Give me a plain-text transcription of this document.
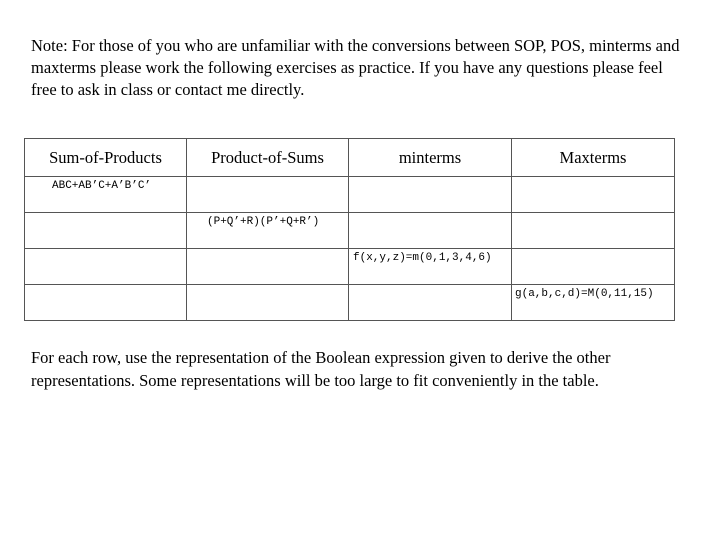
Note: For those of you who are unfamiliar with the conversions between SOP, POS, minterms and maxterms please work the following exercises as practice. If you have any questions please feel free to ask in class or contact me directly.

Sum-of-Products	Product-of-Sums	minterms	Maxterms

ABC+AB’C+A’B’C’			

	(P+Q’+R)(P’+Q+R’)		

		f(x,y,z)=m(0,1,3,4,6)	

			g(a,b,c,d)=M(0,11,15)

For each row, use the representation of the Boolean expression given to derive the other representations. Some representations will be too large to fit conveniently in the table.
